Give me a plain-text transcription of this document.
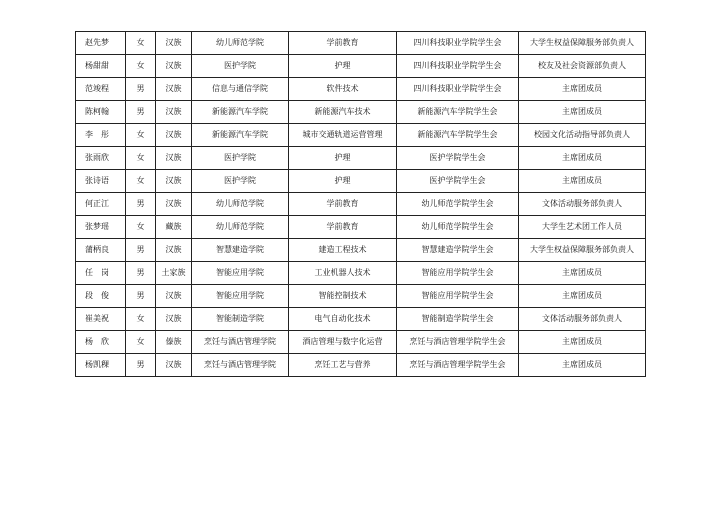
赵先梦	女	汉族	幼儿师范学院	学前教育	四川科技职业学院学生会	大学生权益保障服务部负责人
杨甜甜	女	汉族	医护学院	护理	四川科技职业学院学生会	校友及社会资源部负责人
范竣程	男	汉族	信息与通信学院	软件技术	四川科技职业学院学生会	主席团成员
陈柯翰	男	汉族	新能源汽车学院	新能源汽车技术	新能源汽车学院学生会	主席团成员
李　彤	女	汉族	新能源汽车学院	城市交通轨道运营管理	新能源汽车学院学生会	校园文化活动指导部负责人
张雨欣	女	汉族	医护学院	护理	医护学院学生会	主席团成员
张诗语	女	汉族	医护学院	护理	医护学院学生会	主席团成员
何正江	男	汉族	幼儿师范学院	学前教育	幼儿师范学院学生会	文体活动服务部负责人
张梦瑶	女	藏族	幼儿师范学院	学前教育	幼儿师范学院学生会	大学生艺术团工作人员
蒲柄良	男	汉族	智慧建造学院	建造工程技术	智慧建造学院学生会	大学生权益保障服务部负责人
任　岗	男	土家族	智能应用学院	工业机器人技术	智能应用学院学生会	主席团成员
段　俊	男	汉族	智能应用学院	智能控制技术	智能应用学院学生会	主席团成员
崔美祝	女	汉族	智能制造学院	电气自动化技术	智能制造学院学生会	文体活动服务部负责人
杨　欣	女	傣族	烹饪与酒店管理学院	酒店管理与数字化运营	烹饪与酒店管理学院学生会	主席团成员
杨凯稞	男	汉族	烹饪与酒店管理学院	烹饪工艺与营养	烹饪与酒店管理学院学生会	主席团成员
